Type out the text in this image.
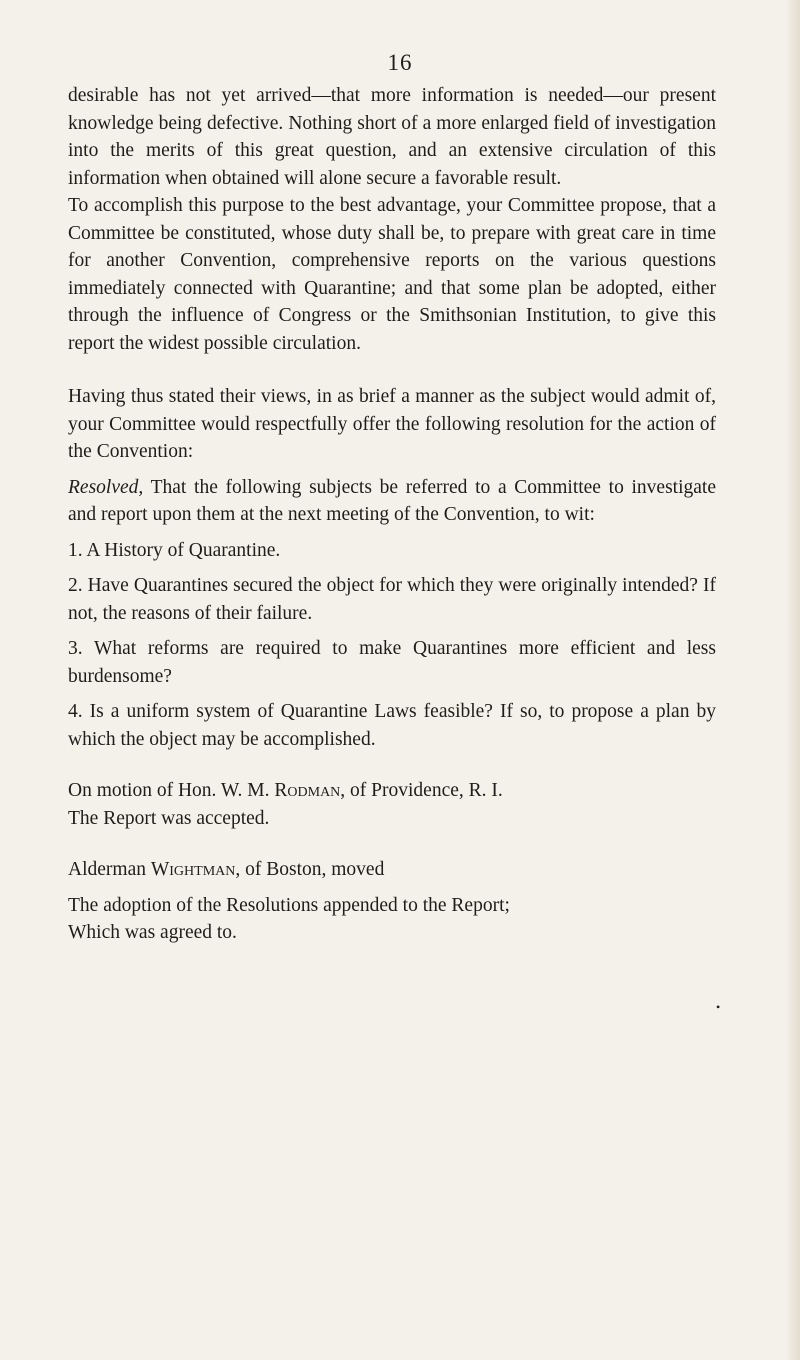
16

desirable has not yet arrived—that more information is needed—our present knowledge being defective. Nothing short of a more enlarged field of investigation into the merits of this great question, and an extensive circulation of this information when obtained will alone secure a favorable result.

To accomplish this purpose to the best advantage, your Committee propose, that a Committee be constituted, whose duty shall be, to prepare with great care in time for another Convention, comprehensive reports on the various questions immediately connected with Quarantine; and that some plan be adopted, either through the influence of Congress or the Smithsonian Institution, to give this report the widest possible circulation.

Having thus stated their views, in as brief a manner as the subject would admit of, your Committee would respectfully offer the following resolution for the action of the Convention:

Resolved, That the following subjects be referred to a Committee to investigate and report upon them at the next meeting of the Convention, to wit:

1. A History of Quarantine.

2. Have Quarantines secured the object for which they were originally intended? If not, the reasons of their failure.

3. What reforms are required to make Quarantines more efficient and less burdensome?

4. Is a uniform system of Quarantine Laws feasible? If so, to propose a plan by which the object may be accomplished.

On motion of Hon. W. M. Rodman, of Providence, R. I.

The Report was accepted.

Alderman Wightman, of Boston, moved

The adoption of the Resolutions appended to the Report;

Which was agreed to.

•
